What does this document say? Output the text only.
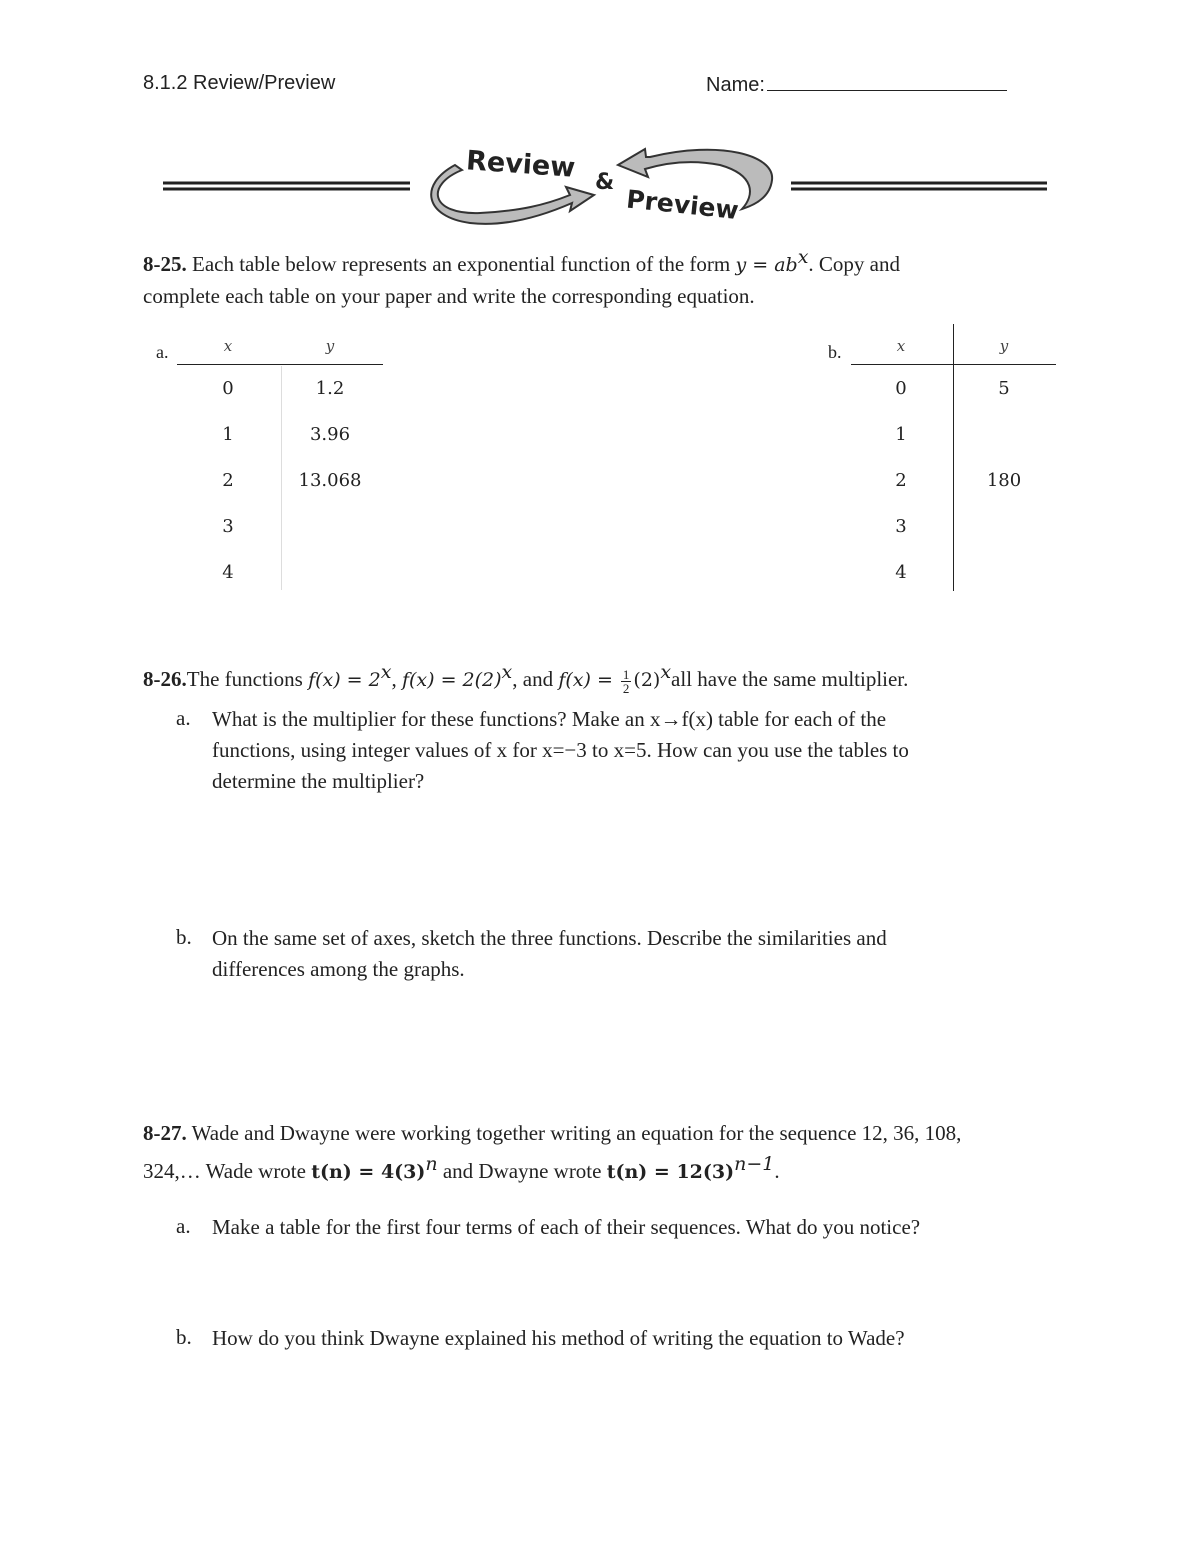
8.1.2 Review/Preview	Name:
Review &
Preview
8-25. Each table below represents an exponential function of the form $y = ab^x$. Copy and
complete each table on your paper and write the corresponding equation.
a.	x	y
0	1.2
1	3.96
2	13.068
3
4
b.	x	y
0	5
1
2	180
3
4
8-26.The functions $f(x) = 2^x$, $f(x) = 2(2)^x$, and $f(x) = \frac{1}{2} (2)^xall$ have the same multiplier.
a. What is the multiplier for these functions? Make an x→f(x) table for each of the
functions, using integer values of x for x=−3 to x=5. How can you use the tables to
determine the multiplier?
b. On the same set of axes, sketch the three functions. Describe the similarities and
differences among the graphs.
8-27. Wade and Dwayne were working together writing an equation for the sequence 12, 36, 108,
324,… Wade wrote $t(n) = 4(3)^n$ and Dwayne wrote $t(n) = 12(3)^{n-1}$.
a. Make a table for the first four terms of each of their sequences. What do you notice?
b. How do you think Dwayne explained his method of writing the equation to Wade?
